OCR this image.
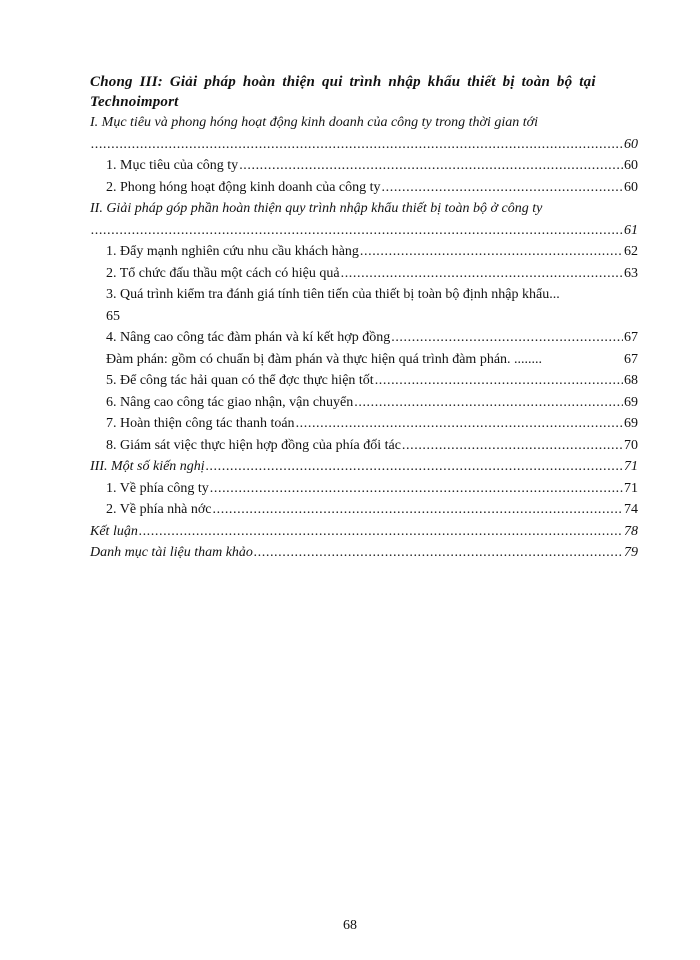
Chong III: Giải pháp hoàn thiện qui trình nhập khẩu thiết bị toàn bộ tại
Technoimport
I. Mục tiêu và phong hóng hoạt động kinh doanh của công ty trong thời gian tới
.....
60
1. Mục tiêu của công ty .....	60
2. Phong hóng hoạt động kinh doanh của công ty .....	60
II. Giải pháp góp phần hoàn thiện quy trình nhập khẩu thiết bị toàn bộ ở công ty
.....
61
1. Đẩy mạnh nghiên cứu nhu cầu khách hàng .....	62
2. Tổ chức đấu thầu một cách có hiệu quả .....	63
3. Quá trình kiểm tra đánh giá tính tiên tiến của thiết bị toàn bộ định nhập khẩu...
65
4. Nâng cao công tác đàm phán và kí kết hợp đồng .....	67
Đàm phán: gồm có chuẩn bị đàm phán và thực hiện quá trình đàm phán. ........	67
5. Để công tác hải quan có thể đợc thực hiện tốt .....	68
6. Nâng cao công tác giao nhận, vận chuyển .....	69
7. Hoàn thiện công tác thanh toán .....	69
8. Giám sát việc thực hiện hợp đồng của phía đối tác .....	70
III. Một số kiến nghị .....	71
1. Về phía công ty .....	71
2. Về phía nhà nớc .....	74
Kết luận .....	78
Danh mục tài liệu tham khảo .....	79
68
